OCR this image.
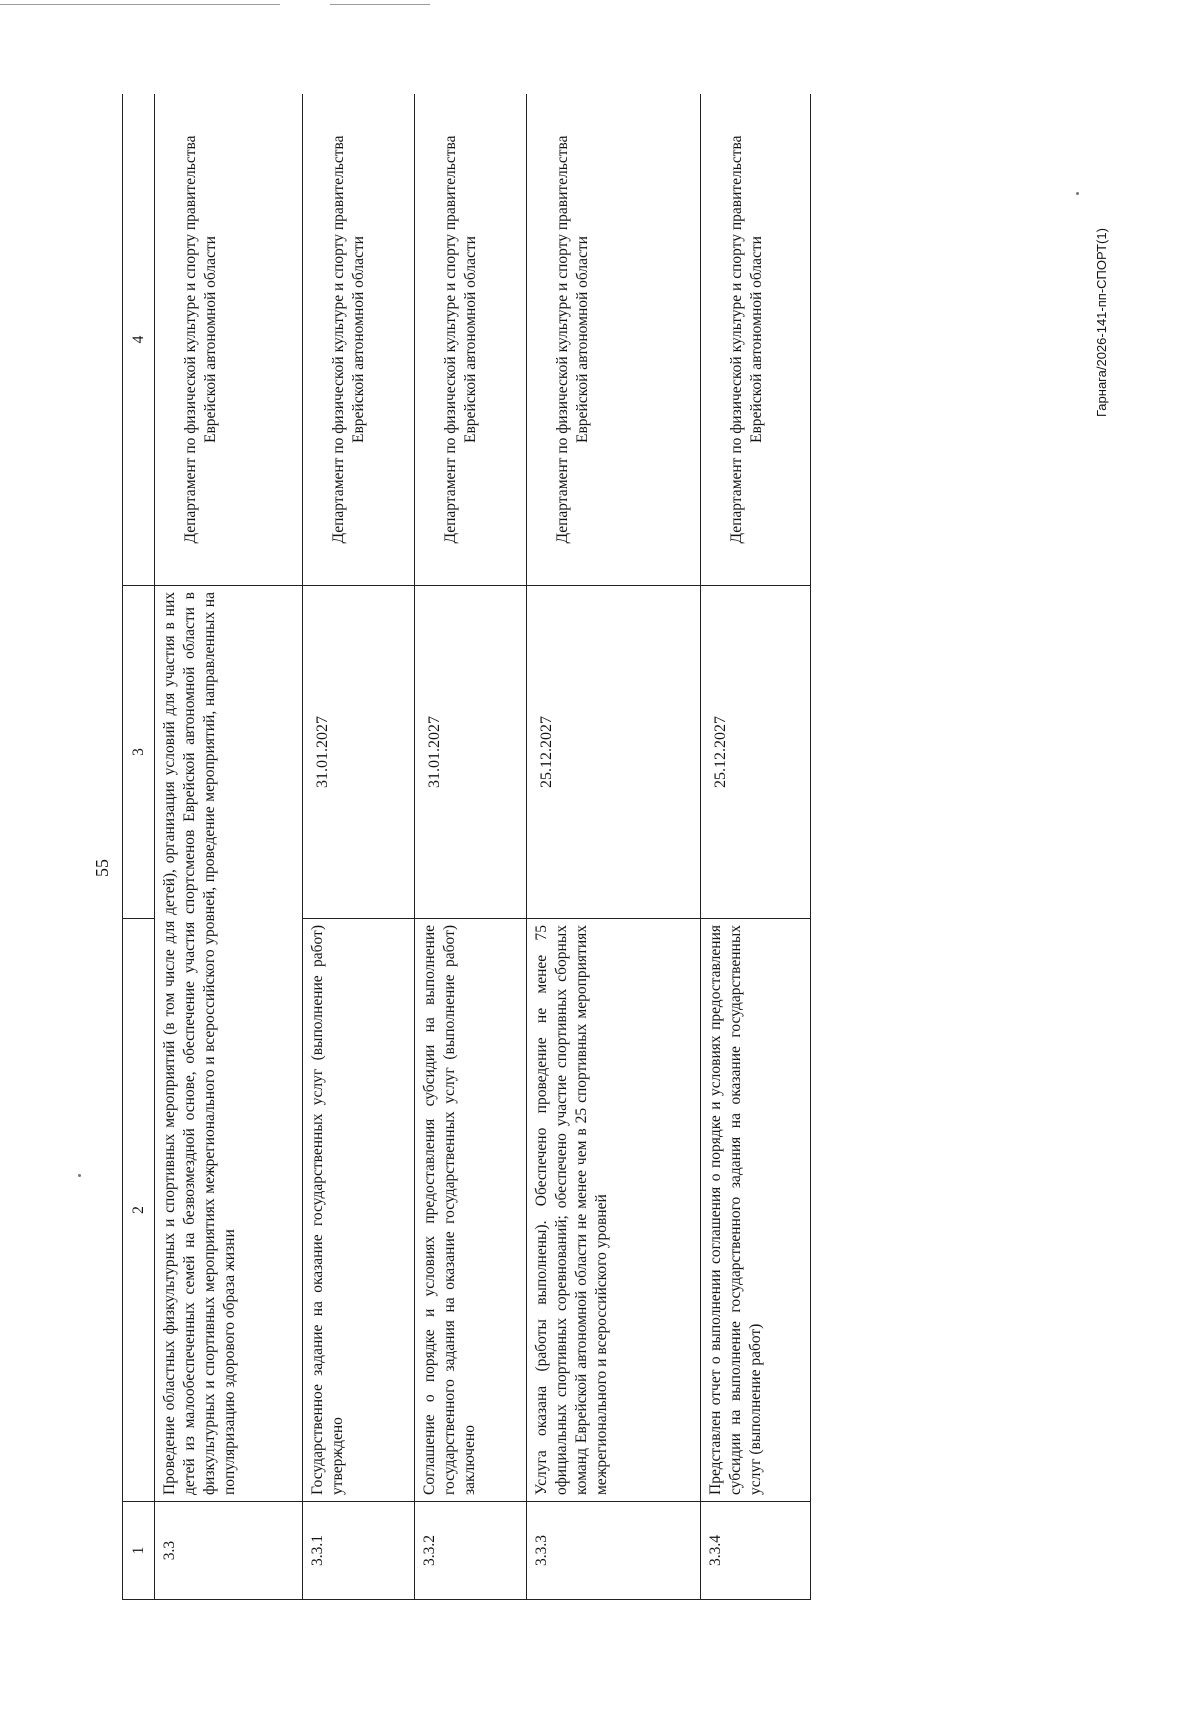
55
1	2	3	4
3.3	Проведение областных физкультурных и спортивных мероприятий (в том числе для детей), организация условий для участия в них детей из малообеспеченных семей на безвозмездной основе, обеспечение участия спортсменов Еврейской автономной области в физкультурных и спортивных мероприятиях межрегионального и всероссийского уровней, проведение мероприятий, направленных на популяризацию здорового образа жизни		Департамент по физической культуре и спорту правительства Еврейской автономной области
3.3.1	Государственное задание на оказание государственных услуг (выполнение работ) утверждено	31.01.2027	Департамент по физической культуре и спорту правительства Еврейской автономной области
3.3.2	Соглашение о порядке и условиях предоставления субсидии на выполнение государственного задания на оказание государственных услуг (выполнение работ) заключено	31.01.2027	Департамент по физической культуре и спорту правительства Еврейской автономной области
3.3.3	Услуга оказана (работы выполнены). Обеспечено проведение не менее 75 официальных спортивных соревнований; обеспечено участие спортивных сборных команд Еврейской автономной области не менее чем в 25 спортивных мероприятиях межрегионального и всероссийского уровней	25.12.2027	Департамент по физической культуре и спорту правительства Еврейской автономной области
3.3.4	Представлен отчет о выполнении соглашения о порядке и условиях предоставления субсидии на выполнение государственного задания на оказание государственных услуг (выполнение работ)	25.12.2027	Департамент по физической культуре и спорту правительства Еврейской автономной области	Гарнага/2026-141-пп-СПОРТ(1)
